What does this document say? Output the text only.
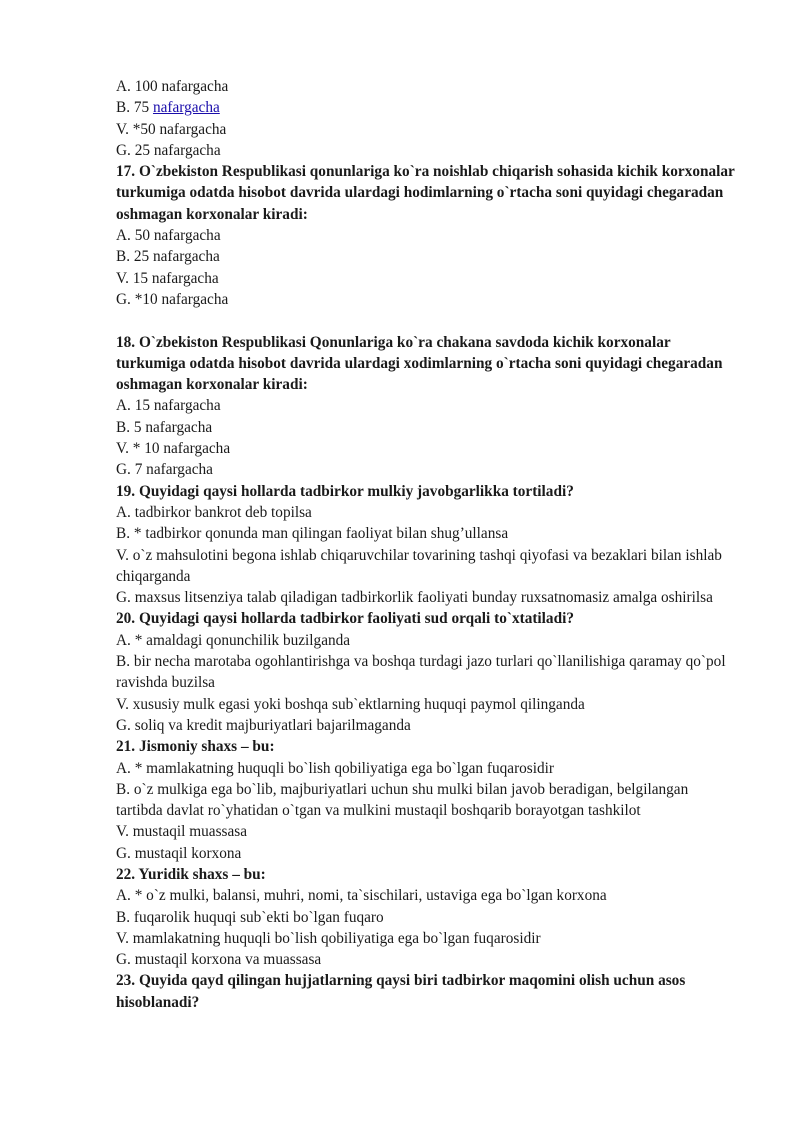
A. 100 nafargacha
B. 75 nafargacha
V. *50 nafargacha
G. 25 nafargacha
17. O`zbekiston Respublikasi qonunlariga ko`ra noishlab chiqarish sohasida kichik korxonalar turkumiga odatda hisobot davrida ulardagi hodimlarning o`rtacha soni quyidagi chegaradan oshmagan korxonalar kiradi:
A. 50 nafargacha
B. 25 nafargacha
V. 15 nafargacha
G. *10 nafargacha
18. O`zbekiston Respublikasi Qonunlariga ko`ra chakana savdoda kichik korxonalar turkumiga odatda hisobot davrida ulardagi xodimlarning o`rtacha soni quyidagi chegaradan oshmagan korxonalar kiradi:
A. 15 nafargacha
B. 5 nafargacha
V. * 10 nafargacha
G. 7 nafargacha
19. Quyidagi qaysi hollarda tadbirkor mulkiy javobgarlikka tortiladi?
A. tadbirkor bankrot deb topilsa
B. * tadbirkor qonunda man qilingan faoliyat bilan shug’ullansa
V. o`z mahsulotini begona ishlab chiqaruvchilar tovarining tashqi qiyofasi va bezaklari bilan ishlab chiqarganda
G. maxsus litsenziya talab qiladigan tadbirkorlik faoliyati bunday ruxsatnomasiz amalga oshirilsa
20. Quyidagi qaysi hollarda tadbirkor faoliyati sud orqali to`xtatiladi?
A. * amaldagi qonunchilik buzilganda
B. bir necha marotaba ogohlantirishga va boshqa turdagi jazo turlari qo`llanilishiga qaramay qo`pol ravishda buzilsa
V. xususiy mulk egasi yoki boshqa sub`ektlarning huquqi paymol qilinganda
G. soliq va kredit majburiyatlari bajarilmaganda
21. Jismoniy shaxs – bu:
A. * mamlakatning huquqli bo`lish qobiliyatiga ega bo`lgan fuqarosidir
B. o`z mulkiga ega bo`lib, majburiyatlari uchun shu mulki bilan javob beradigan, belgilangan tartibda davlat ro`yhatidan o`tgan va mulkini mustaqil boshqarib borayotgan tashkilot
V. mustaqil muassasa
G. mustaqil korxona
22. Yuridik shaxs – bu:
A. * o`z mulki, balansi, muhri, nomi, ta`sischilari, ustaviga ega bo`lgan korxona
B. fuqarolik huquqi sub`ekti bo`lgan fuqaro
V. mamlakatning huquqli bo`lish qobiliyatiga ega bo`lgan fuqarosidir
G. mustaqil korxona va muassasa
23. Quyida qayd qilingan hujjatlarning qaysi biri tadbirkor maqomini olish uchun asos hisoblanadi?
